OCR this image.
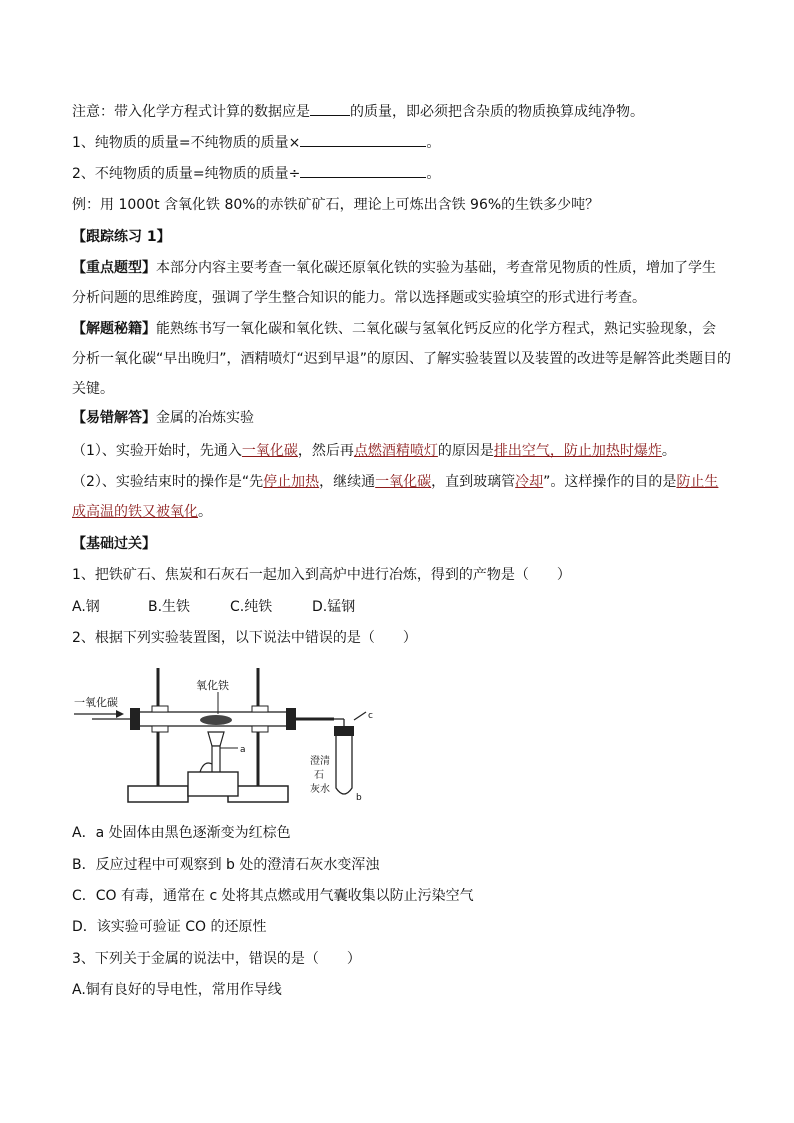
注意：带入化学方程式计算的数据应是	的质量，即必须把含杂质的物质换算成纯净物。
1、纯物质的质量=不纯物质的质量×	。
2、不纯物质的质量=纯物质的质量÷	。
例：用 1000t 含氧化铁 80%的赤铁矿矿石，理论上可炼出含铁 96%的生铁多少吨？
【跟踪练习 1】
【重点题型】本部分内容主要考查一氧化碳还原氧化铁的实验为基础，考查常见物质的性质，增加了学生
分析问题的思维跨度，强调了学生整合知识的能力。常以选择题或实验填空的形式进行考查。
【解题秘籍】能熟练书写一氧化碳和氧化铁、二氧化碳与氢氧化钙反应的化学方程式，熟记实验现象，会
分析一氧化碳“早出晚归”，酒精喷灯“迟到早退”的原因、了解实验装置以及装置的改进等是解答此类题目的
关键。
【易错解答】金属的冶炼实验
（1）、实验开始时，先通入一氧化碳，然后再点燃酒精喷灯的原因是排出空气，防止加热时爆炸。
（2）、实验结束时的操作是“先停止加热，继续通一氧化碳，直到玻璃管冷却”。这样操作的目的是防止生
成高温的铁又被氧化。
【基础过关】
1、把铁矿石、焦炭和石灰石一起加入到高炉中进行冶炼，得到的产物是（　　）
A.钢	B.生铁	C.纯铁	D.锰钢
2、根据下列实验装置图，以下说法中错误的是（　　）
一氧化碳
氧化铁
a
c
b
澄清
石
灰水
A．a 处固体由黑色逐渐变为红棕色
B．反应过程中可观察到 b 处的澄清石灰水变浑浊
C．CO 有毒，通常在 c 处将其点燃或用气囊收集以防止污染空气
D．该实验可验证 CO 的还原性
3、下列关于金属的说法中，错误的是（　　）
A.铜有良好的导电性，常用作导线
